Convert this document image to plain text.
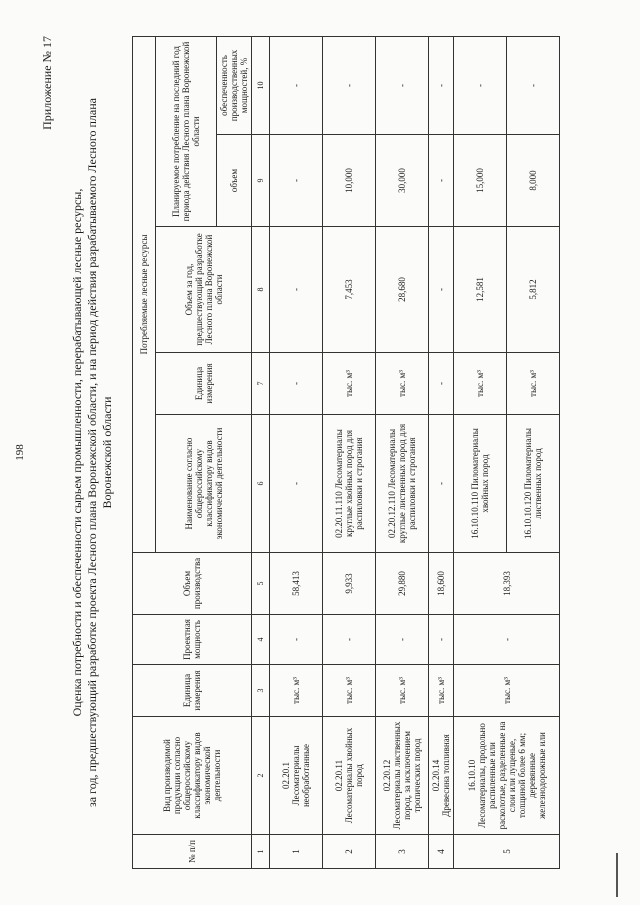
198
Приложение № 17
Оценка потребности и обеспеченности сырьем промышленности, перерабатывающей лесные ресурсы, за год, предшествующий разработке проекта Лесного плана Воронежской области, и на период действия разрабатываемого Лесного плана Воронежской области
№ п/п	Вид производимой продукции согласно общероссийскому классификатору видов экономической деятельности	Единица измерения	Проектная мощность	Объем производства	Потребляемые лесные ресурсы				
					Наименование согласно общероссийскому классификатору видов экономической деятельности	Единица измерения	Объем за год, предшествующий разработке Лесного плана Воронежской области	Планируемое потребление на последний год периода действия Лесного плана Воронежской области	
								объем	обеспеченность производственных мощностей, %
1	2	3	4	5	6	7	8	9	10
1	02.20.1 Лесоматериалы необработанные	тыс. м³	-	58,413	-	-	-	-	-
2	02.20.11 Лесоматериалы хвойных пород	тыс. м³	-	9,933	02.20.11.110 Лесоматериалы круглые хвойных пород для распиловки и строгания	тыс. м³	7,453	10,000	-
3	02.20.12 Лесоматериалы лиственных пород, за исключением тропических пород	тыс. м³	-	29,880	02.20.12.110 Лесоматериалы круглые лиственных пород для распиловки и строгания	тыс. м³	28,680	30,000	-
4	02.20.14 Древесина топливная	тыс. м³	-	18,600	-	-	-	-	-
5	16.10.10 Лесоматериалы, продольно распиленные или расколотые, разделенные на слои или лущеные, толщиной более 6 мм; деревянные железнодорожные или	тыс. м³	-	18,393	16.10.10.110 Пиломатериалы хвойных пород	тыс. м³	12,581	15,000	-
					16.10.10.120 Пиломатериалы лиственных пород	тыс. м³	5,812	8,000	-
